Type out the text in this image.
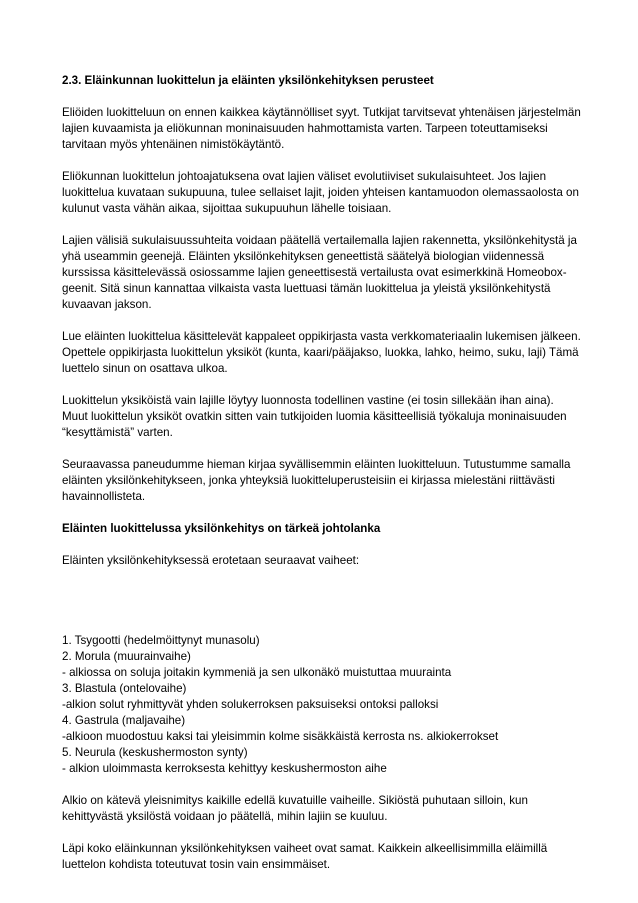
2.3. Eläinkunnan luokittelun ja eläinten yksilönkehityksen perusteet

Eliöiden luokitteluun on ennen kaikkea käytännölliset syyt. Tutkijat tarvitsevat yhtenäisen järjestelmän lajien kuvaamista ja eliökunnan moninaisuuden hahmottamista varten. Tarpeen toteuttamiseksi tarvitaan myös yhtenäinen nimistökäytäntö.

Eliökunnan luokittelun johtoajatuksena ovat lajien väliset evolutiiviset sukulaisuhteet. Jos lajien luokittelua kuvataan sukupuuna, tulee sellaiset lajit, joiden yhteisen kantamuodon olemassaolosta on kulunut vasta vähän aikaa, sijoittaa sukupuuhun lähelle toisiaan.

Lajien välisiä sukulaisuussuhteita voidaan päätellä vertailemalla lajien rakennetta, yksilönkehitystä ja yhä useammin geenejä. Eläinten yksilönkehityksen geneettistä säätelyä biologian viidennessä kurssissa käsittelevässä osiossamme lajien geneettisestä vertailusta ovat esimerkkinä Homeobox-geenit. Sitä sinun kannattaa vilkaista vasta luettuasi tämän luokittelua ja yleistä yksilönkehitystä kuvaavan jakson.

Lue eläinten luokittelua käsittelevät kappaleet oppikirjasta vasta verkkomateriaalin lukemisen jälkeen. Opettele oppikirjasta luokittelun yksiköt (kunta, kaari/pääjakso, luokka, lahko, heimo, suku, laji) Tämä luettelo sinun on osattava ulkoa.

Luokittelun yksiköistä vain lajille löytyy luonnosta todellinen vastine (ei tosin sillekään ihan aina). Muut luokittelun yksiköt ovatkin sitten vain tutkijoiden luomia käsitteellisiä työkaluja moninaisuuden “kesyttämistä” varten.

Seuraavassa paneudumme hieman kirjaa syvällisemmin eläinten luokitteluun. Tutustumme samalla eläinten yksilönkehitykseen, jonka yhteyksiä luokitteluperusteisiin ei kirjassa mielestäni riittävästi havainnollisteta.

Eläinten luokittelussa yksilönkehitys on tärkeä johtolanka

Eläinten yksilönkehityksessä erotetaan seuraavat vaiheet:

1. Tsygootti (hedelmöittynyt munasolu)
2. Morula (muurainvaihe)
- alkiossa on soluja joitakin kymmeniä ja sen ulkonäkö muistuttaa muurainta
3. Blastula (ontelovaihe)
-alkion solut ryhmittyvät yhden solukerroksen paksuiseksi ontoksi palloksi
4. Gastrula (maljavaihe)
-alkioon muodostuu kaksi tai yleisimmin kolme sisäkkäistä kerrosta ns. alkiokerrokset
5. Neurula (keskushermoston synty)
- alkion uloimmasta kerroksesta kehittyy keskushermoston aihe

Alkio on kätevä yleisnimitys kaikille edellä kuvatuille vaiheille. Sikiöstä puhutaan silloin, kun kehittyvästä yksilöstä voidaan jo päätellä, mihin lajiin se kuuluu.

Läpi koko eläinkunnan yksilönkehityksen vaiheet ovat samat. Kaikkein alkeellisimmilla eläimillä luettelon kohdista toteutuvat tosin vain ensimmäiset.
